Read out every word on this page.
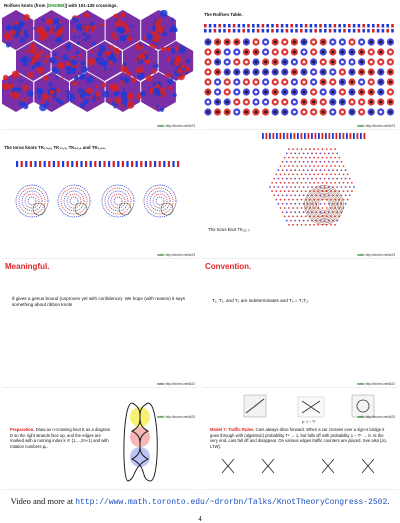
Rolfsen knots (from [DHOBB]) with 101-135 crossings.
web: http://drorbn.net/kt23
The Rolfsen Table.
web: http://drorbn.net/kt23
The torus knots TK₁₃,₂, TK₁₇,₃, TK₂₀,₆ and TK₁,₄₀.
web: http://drorbn.net/kt23
The torus knot TK₂₂,₇.
web: http://drorbn.net/kt23
Meaningful.
θ gives a genus bound (unproven yet with confidence). We hope (with reason) it says something about ribbon knots
web: http://drorbn.net/kt23
Convention.
T₁, T₂, and T₃ are indeterminates and T₃ = T₁T₂.
web: http://drorbn.net/kt23
Preparation. Draw an n-crossing knot K as a diagram D so the right strands face up, and the edges are marked with a running index k ∈ {1,...,2n+1} and with rotation numbers φₖ.
web: http://drorbn.net/kt23
p: 1 − Tˢ
Model 7: Traffic Rules. Cars always drive forward. When a car crosses over a sign-s bridge it goes through with (algebraic) probability Tˢ → 1, but falls off with probability 1 − Tˢ → 0. At the very end, cars fall off and disappear. On various edges traffic counters are placed. See also [Jo, LTW].
web: http://drorbn.net/kt23
Video and more at http://www.math.toronto.edu/~drorbn/Talks/KnotTheoryCongress-2502.
4
